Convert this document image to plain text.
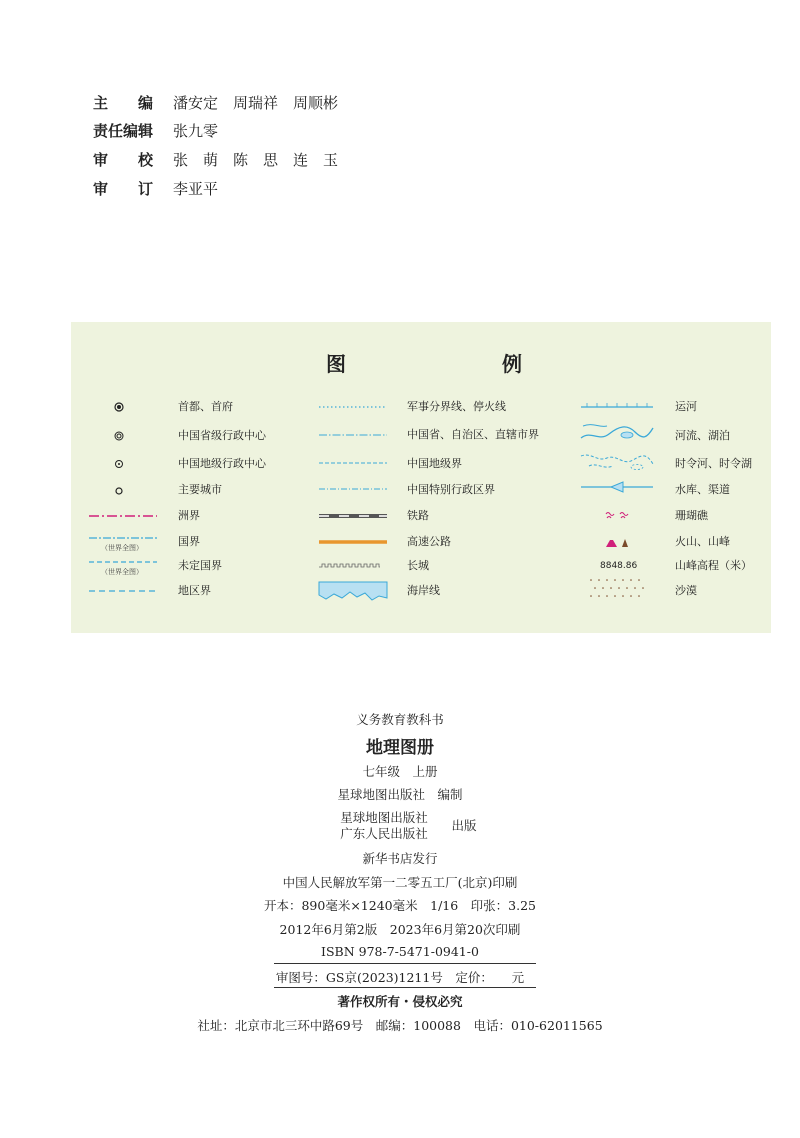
主　　编 潘安定　周瑞祥　周顺彬
责任编辑 张九零
审　　校 张　萌　陈　思　连　玉
审　　订 李亚平
图	例
（世界全图）
（世界全图）
首都、首府
中国省级行政中心
中国地级行政中心
主要城市
洲界
国界
未定国界
地区界
军事分界线、停火线
中国省、自治区、直辖市界
中国地级界
中国特别行政区界
铁路
高速公路
长城
海岸线
8848.86
运河
河流、湖泊
时令河、时令湖
水库、渠道
珊瑚礁
火山、山峰
山峰高程（米）
沙漠
义务教育教科书
地理图册
七年级　上册
星球地图出版社　编制
星球地图出版社
广东人民出版社
出版
新华书店发行
中国人民解放军第一二零五工厂(北京)印刷
开本：890毫米×1240毫米　1/16　印张：3.25
2012年6月第2版　2023年6月第20次印刷
ISBN 978-7-5471-0941-0
审图号：GS京(2023)1211号　定价：　　元
著作权所有・侵权必究
社址：北京市北三环中路69号　邮编：100088　电话：010-62011565
